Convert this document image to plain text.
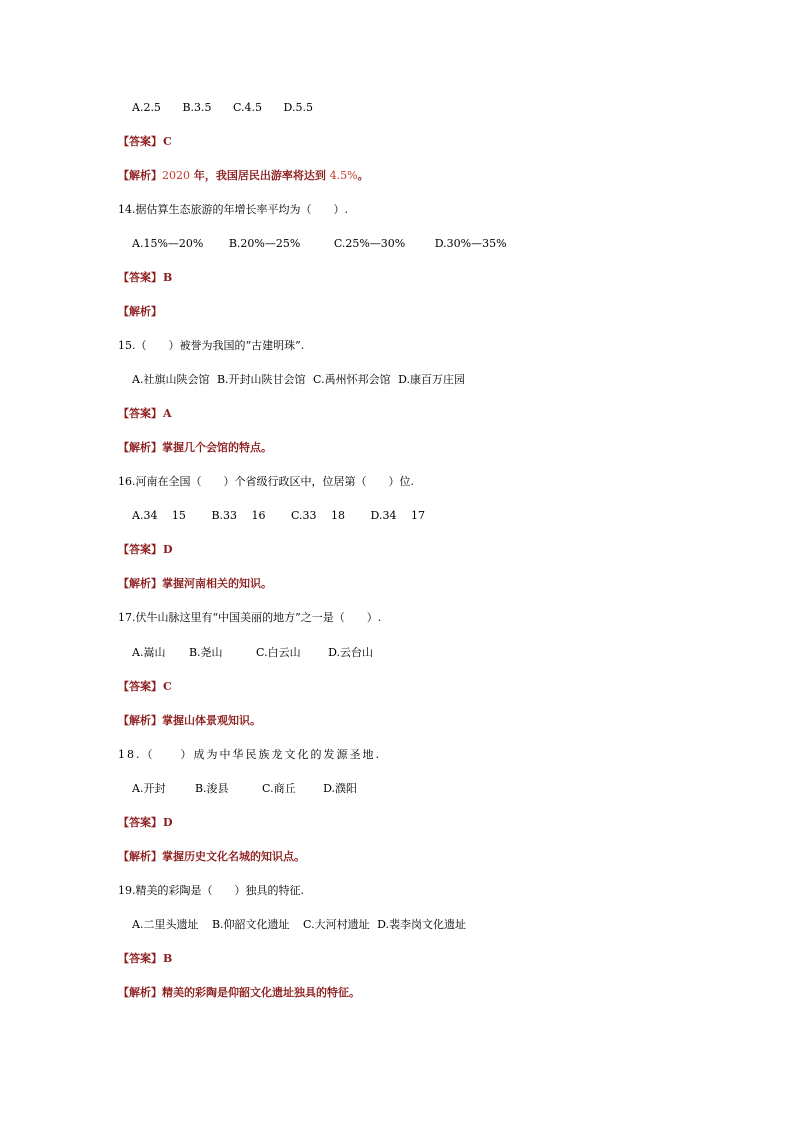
A.2.5 B.3.5 C.4.5 D.5.5
【答案】C
【解析】2020 年，我国居民出游率将达到 4.5%。
14.据估算生态旅游的年增长率平均为（　　）.
A.15%—20% B.20%—25%	C.25%—30%	D.30%—35%
【答案】B
【解析】
15.（　　）被誉为我国的“古建明珠”.
A.社旗山陕会馆 B.开封山陕甘会馆 C.禹州怀邦会馆 D.康百万庄园
【答案】A
【解析】掌握几个会馆的特点。
16.河南在全国（　　）个省级行政区中，位居第（　　）位.
A.34　 15 B.33　 16 C.33　 18 D.34　 17
【答案】D
【解析】掌握河南相关的知识。
17.伏牛山脉这里有“中国美丽的地方”之一是（　　）.
A.嵩山 B.尧山	C.白云山	D.云台山
【答案】C
【解析】掌握山体景观知识。
18.（　　）成为中华民族龙文化的发源圣地.
A.开封	B.浚县	C.商丘	D.濮阳
【答案】D
【解析】掌握历史文化名城的知识点。
19.精美的彩陶是（　　）独具的特征.
A.二里头遗址 B.仰韶文化遗址 C.大河村遗址 D.裴李岗文化遗址
【答案】B
【解析】精美的彩陶是仰韶文化遗址独具的特征。
